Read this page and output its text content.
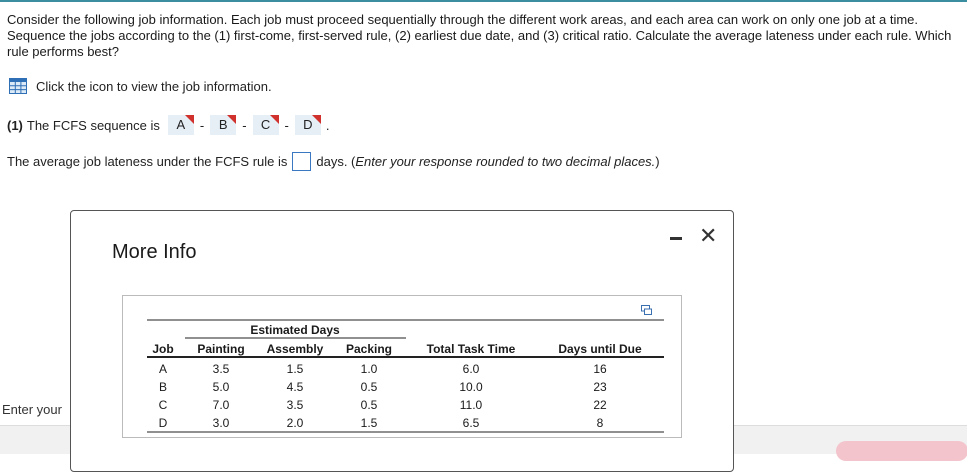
Consider the following job information. Each job must proceed sequentially through the different work areas, and each area can work on only one job at a time. Sequence the jobs according to the (1) first-come, first-served rule, (2) earliest due date, and (3) critical ratio. Calculate the average lateness under each rule. Which rule performs best?
Click the icon to view the job information.
(1) The FCFS sequence is	A	-	B	-	C	-	D	.
The average job lateness under the FCFS rule is days. ( Enter your response rounded to two decimal places. )
Enter your
More Info
✕
Estimated Days
Job Painting Assembly Packing	Total Task Time	Days until Due
A	3.5	1.5	1.0	6.0	16
B	5.0	4.5	0.5	10.0	23
C	7.0	3.5	0.5	11.0	22
D	3.0	2.0	1.5	6.5	8
